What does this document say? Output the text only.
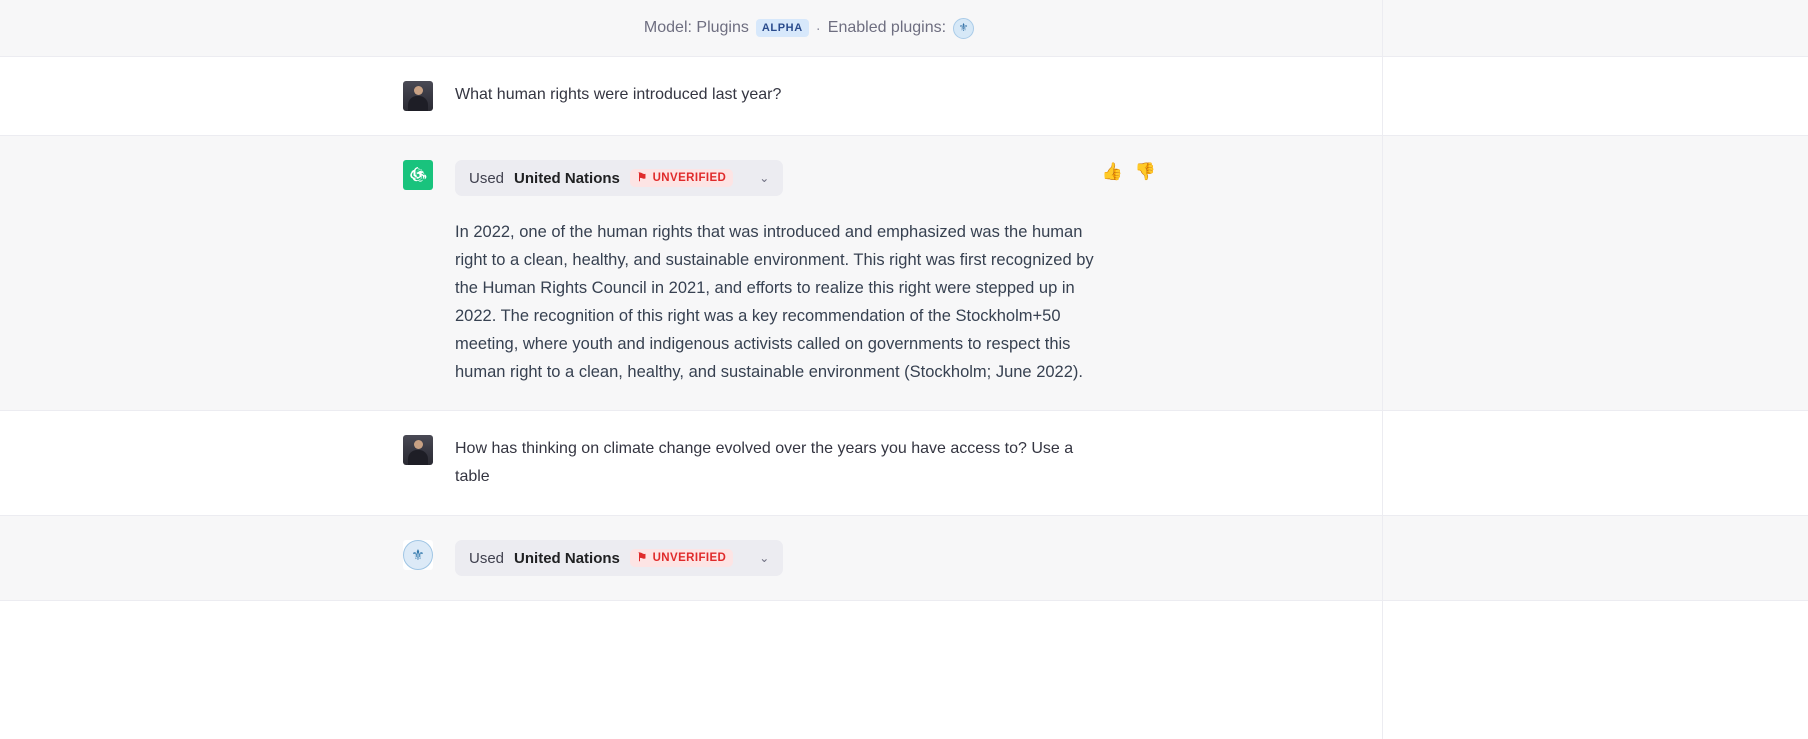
Model: Plugins	ALPHA · Enabled plugins: ⚜
What human rights were introduced last year?
Used United Nations ⚑ UNVERIFIED	⌄
In 2022, one of the human rights that was introduced and emphasized was the human right to a clean, healthy, and sustainable environment. This right was first recognized by the Human Rights Council in 2021, and efforts to realize this right were stepped up in 2022. The recognition of this right was a key recommendation of the Stockholm+50 meeting, where youth and indigenous activists called on governments to respect this human right to a clean, healthy, and sustainable environment (Stockholm; June 2022).
👍 👎
How has thinking on climate change evolved over the years you have access to? Use a table
⚜	Used United Nations ⚑ UNVERIFIED	⌄
